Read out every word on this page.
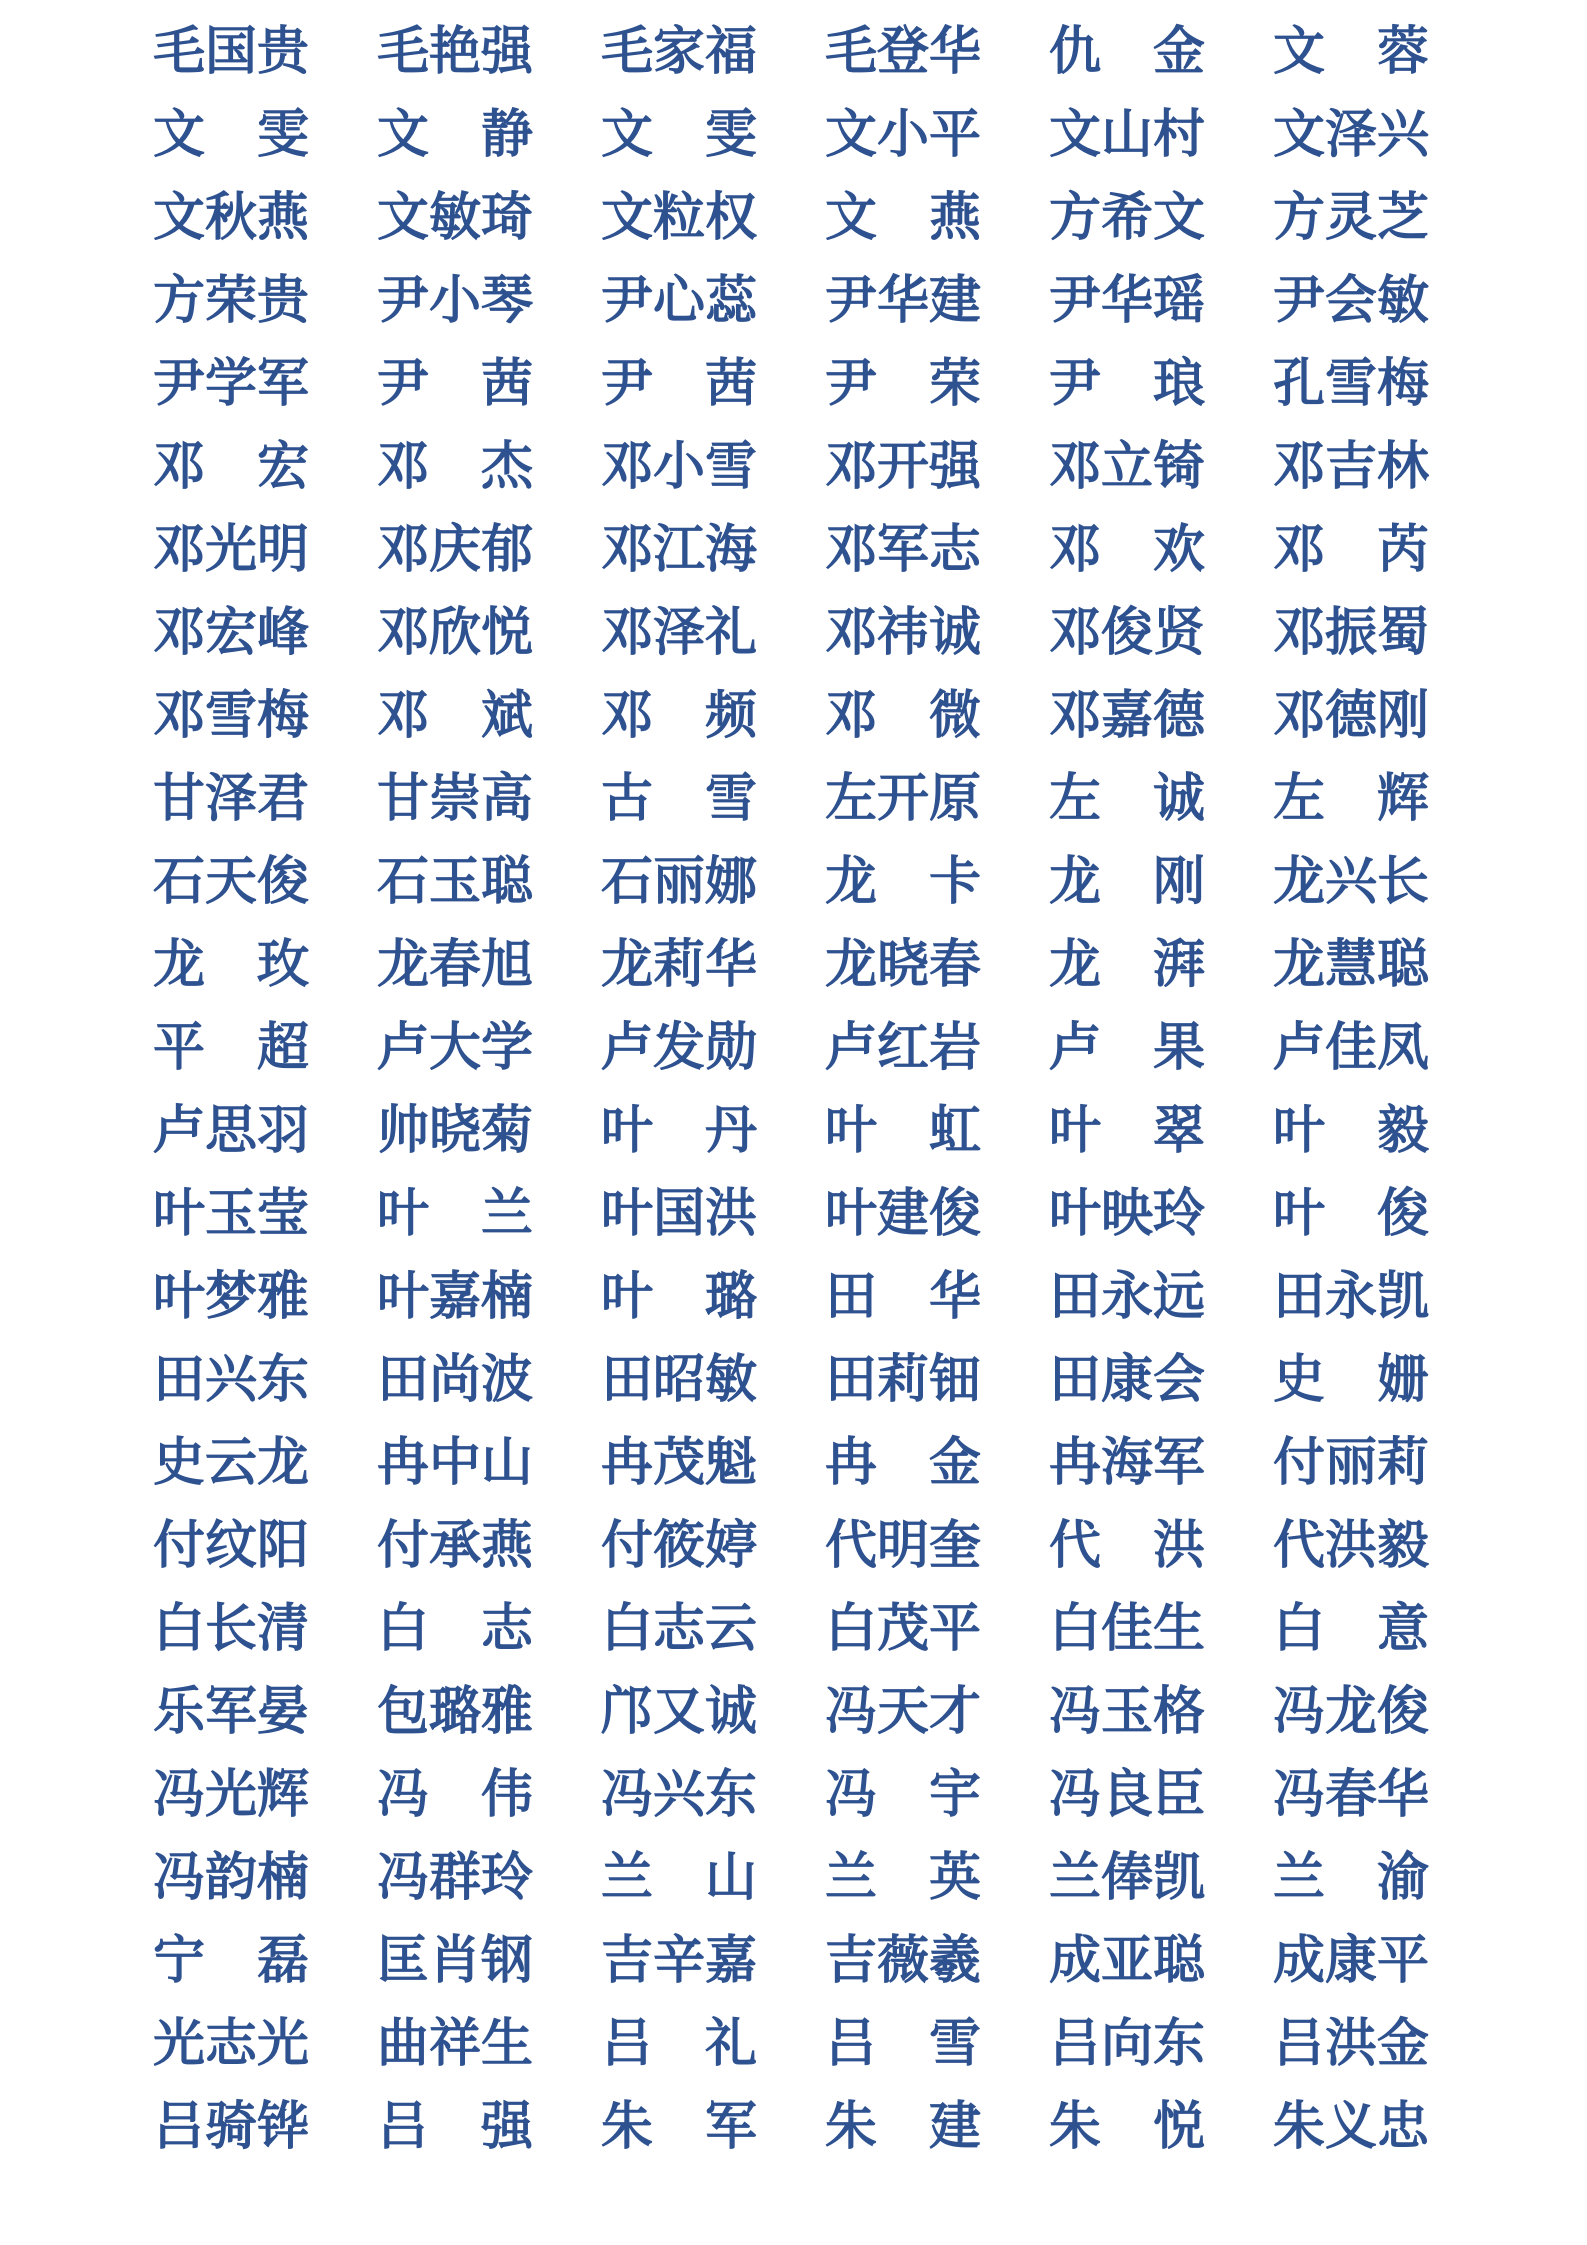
毛国贵 毛艳强 毛家福 毛登华 仇 金 文 蓉
文 雯 文 静 文 雯 文小平 文山村 文泽兴
文秋燕 文敏琦 文粒权 文 燕 方希文 方灵芝
方荣贵 尹小琴 尹心蕊 尹华建 尹华瑶 尹会敏
尹学军 尹 茜 尹 茜 尹 荣 尹 琅 孔雪梅
邓 宏 邓 杰 邓小雪 邓开强 邓立锜 邓吉林
邓光明 邓庆郁 邓江海 邓军志 邓 欢 邓 芮
邓宏峰 邓欣悦 邓泽礼 邓祎诚 邓俊贤 邓振蜀
邓雪梅 邓 斌 邓 频 邓 微 邓嘉德 邓德刚
甘泽君 甘崇高 古 雪 左开原 左 诚 左 辉
石天俊 石玉聪 石丽娜 龙 卡 龙 刚 龙兴长
龙 玫 龙春旭 龙莉华 龙晓春 龙 湃 龙慧聪
平 超 卢大学 卢发勋 卢红岩 卢 果 卢佳凤
卢思羽 帅晓菊 叶 丹 叶 虹 叶 翠 叶 毅
叶玉莹 叶 兰 叶国洪 叶建俊 叶映玲 叶 俊
叶梦雅 叶嘉楠 叶 璐 田 华 田永远 田永凯
田兴东 田尚波 田昭敏 田莉钿 田康会 史 姗
史云龙 冉中山 冉茂魁 冉 金 冉海军 付丽莉
付纹阳 付承燕 付筱婷 代明奎 代 洪 代洪毅
白长清 白 志 白志云 白茂平 白佳生 白 意
乐军晏 包璐雅 邝又诚 冯天才 冯玉格 冯龙俊
冯光辉 冯 伟 冯兴东 冯 宇 冯良臣 冯春华
冯韵楠 冯群玲 兰 山 兰 英 兰俸凯 兰 渝
宁 磊 匡肖钢 吉辛嘉 吉薇羲 成亚聪 成康平
光志光 曲祥生 吕 礼 吕 雪 吕向东 吕洪金
吕骑铧 吕 强 朱 军 朱 建 朱 悦 朱义忠
